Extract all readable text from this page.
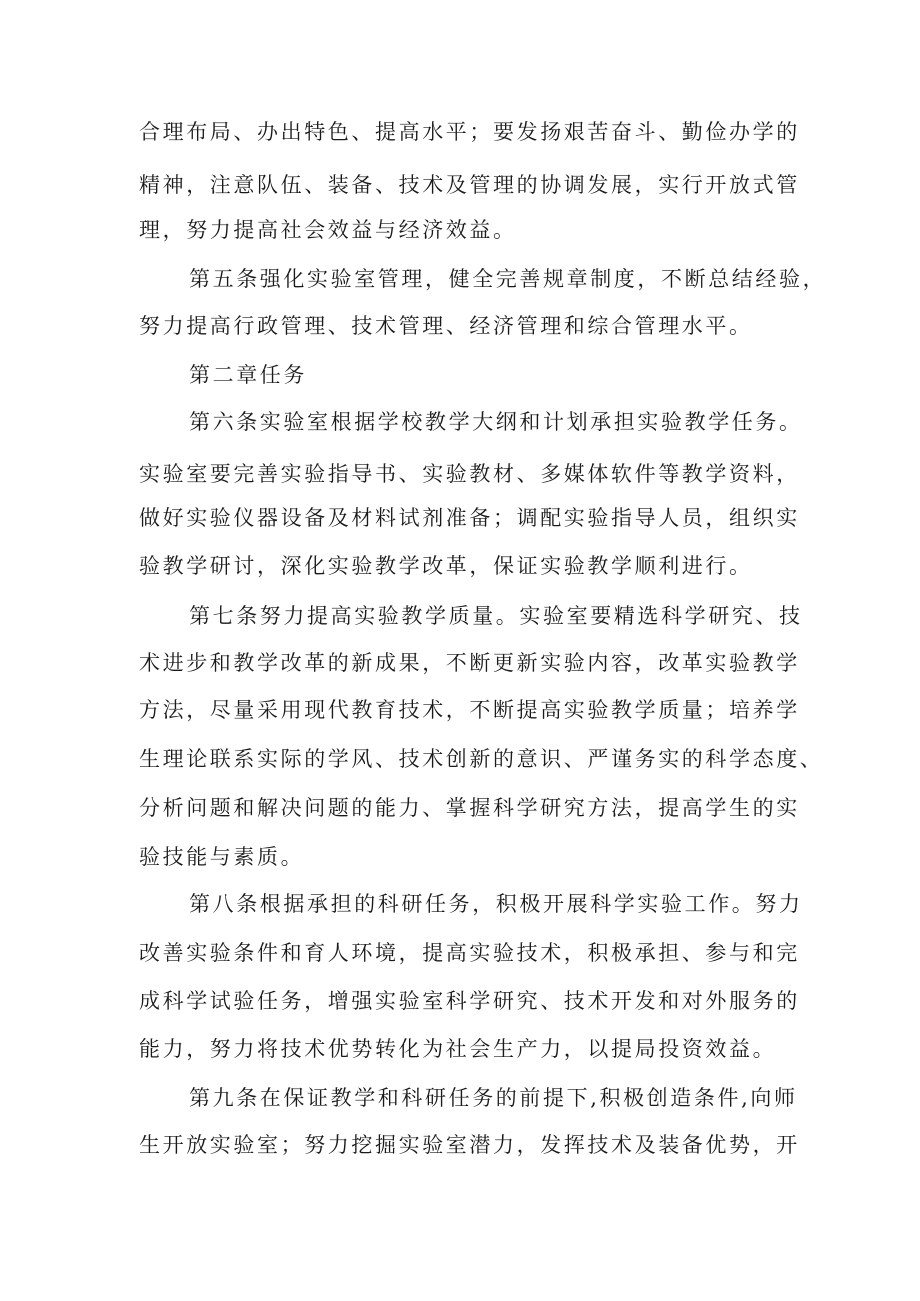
合理布局、办出特色、提高水平；要发扬艰苦奋斗、勤俭办学的

精神，注意队伍、装备、技术及管理的协调发展，实行开放式管

理，努力提高社会效益与经济效益。

第五条强化实验室管理，健全完善规章制度，不断总结经验，

努力提高行政管理、技术管理、经济管理和综合管理水平。

第二章任务

第六条实验室根据学校教学大纲和计划承担实验教学任务。

实验室要完善实验指导书、实验教材、多媒体软件等教学资料，

做好实验仪器设备及材料试剂准备；调配实验指导人员，组织实

验教学研讨，深化实验教学改革，保证实验教学顺利进行。

第七条努力提高实验教学质量。实验室要精选科学研究、技

术进步和教学改革的新成果，不断更新实验内容，改革实验教学

方法，尽量采用现代教育技术，不断提高实验教学质量；培养学

生理论联系实际的学风、技术创新的意识、严谨务实的科学态度、

分析问题和解决问题的能力、掌握科学研究方法，提高学生的实

验技能与素质。

第八条根据承担的科研任务，积极开展科学实验工作。努力

改善实验条件和育人环境，提高实验技术，积极承担、参与和完

成科学试验任务，增强实验室科学研究、技术开发和对外服务的

能力，努力将技术优势转化为社会生产力，以提局投资效益。

第九条在保证教学和科研任务的前提下,积极创造条件,向师

生开放实验室；努力挖掘实验室潜力，发挥技术及装备优势，开
